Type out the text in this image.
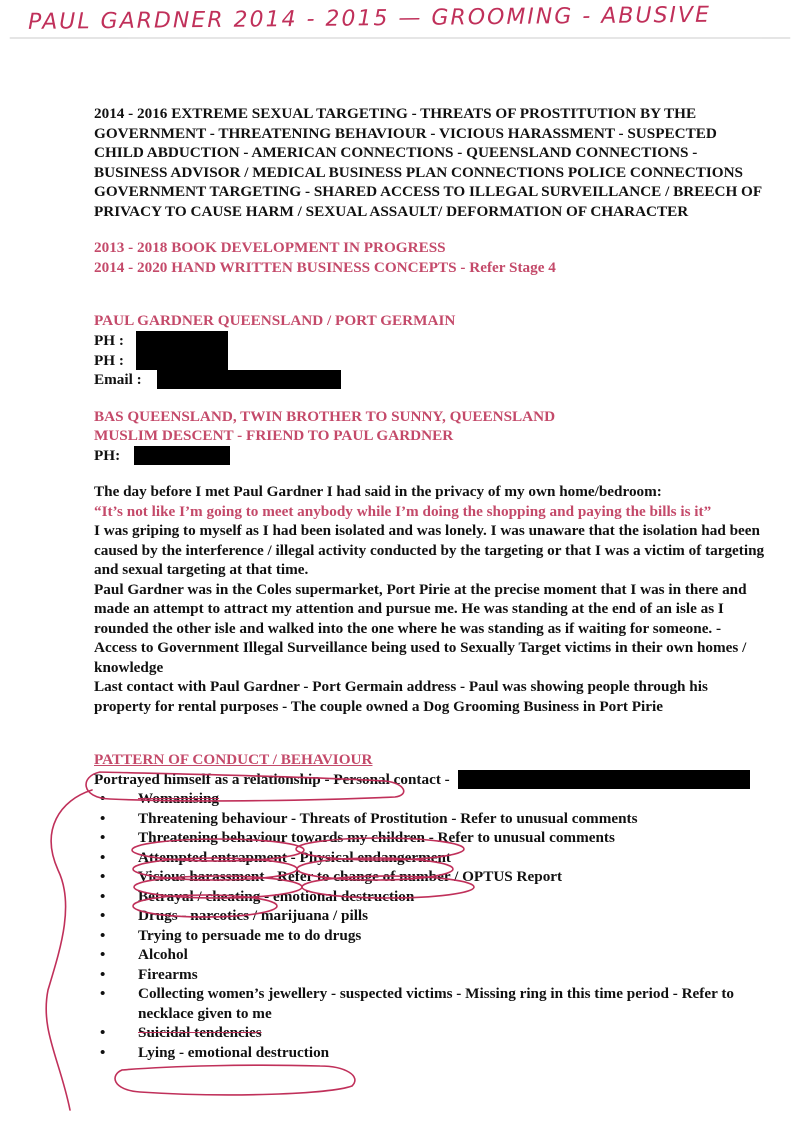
PAUL GARDNER 2014 - 2015 — GROOMING - ABUSIVE

2014 - 2016 EXTREME SEXUAL TARGETING - THREATS OF PROSTITUTION BY THE GOVERNMENT - THREATENING BEHAVIOUR - VICIOUS HARASSMENT - SUSPECTED CHILD ABDUCTION - AMERICAN CONNECTIONS - QUEENSLAND CONNECTIONS - BUSINESS ADVISOR / MEDICAL BUSINESS PLAN CONNECTIONS POLICE CONNECTIONS GOVERNMENT TARGETING - SHARED ACCESS TO ILLEGAL SURVEILLANCE / BREECH OF PRIVACY TO CAUSE HARM / SEXUAL ASSAULT/ DEFORMATION OF CHARACTER

2013 - 2018 BOOK DEVELOPMENT IN PROGRESS

2014 - 2020 HAND WRITTEN BUSINESS CONCEPTS - Refer Stage 4

PAUL GARDNER QUEENSLAND / PORT GERMAIN

PH :
PH :
Email :

BAS QUEENSLAND, TWIN BROTHER TO SUNNY, QUEENSLAND

MUSLIM DESCENT - FRIEND TO PAUL GARDNER

PH:

The day before I met Paul Gardner I had said in the privacy of my own home/bedroom:

“It’s not like I’m going to meet anybody while I’m doing the shopping and paying the bills is it”

I was griping to myself as I had been isolated and was lonely. I was unaware that the isolation had been caused by the interference / illegal activity conducted by the targeting or that I was a victim of targeting and sexual targeting at that time.

Paul Gardner was in the Coles supermarket, Port Pirie at the precise moment that I was in there and made an attempt to attract my attention and pursue me. He was standing at the end of an isle as I rounded the other isle and walked into the one where he was standing as if waiting for someone. - Access to Government Illegal Surveillance being used to Sexually Target victims in their own homes / knowledge

Last contact with Paul Gardner - Port Germain address - Paul was showing people through his property for rental purposes - The couple owned a Dog Grooming Business in Port Pirie

PATTERN OF CONDUCT / BEHAVIOUR

Portrayed himself as a relationship - Personal contact -
• Womanising
• Threatening behaviour - Threats of Prostitution - Refer to unusual comments
• Threatening behaviour towards my children - Refer to unusual comments
• Attempted entrapment - Physical endangerment
• Vicious harassment - Refer to change of number / OPTUS Report
• Betrayal / cheating - emotional destruction
• Drugs - narcotics / marijuana / pills
• Trying to persuade me to do drugs
• Alcohol
• Firearms
• Collecting women’s jewellery - suspected victims - Missing ring in this time period - Refer to necklace given to me
• Suicidal tendencies
• Lying - emotional destruction
